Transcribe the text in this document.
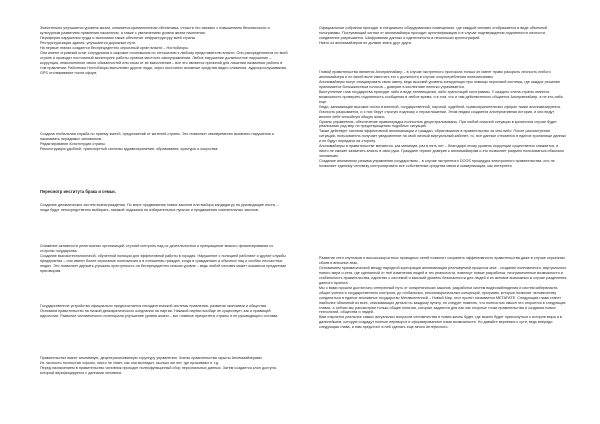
Значительно улучшается уровень жизни, снижается криминогенная обстановка, отчасти это связано с повышением безопасности и культурным развитием правления населения, а также с увеличением уровня жизни населения.
Периферия нарушения труда и экономики также обеспечит инфраструктуру всей страны.
Реструктуризация здания, улучшаются дорожные пути.
На первые этапах создается беспрецедентно серьезный орган власти – Ноглобиоры.
Они имеют огромный штат сотрудников и широкие полномочия по отношению к любому представителю власти. Они распределяются по всей стране и проводят постоянный мониторинг работы органов местного самоуправления. Любое нарушение должностное нарушение –
коррупция, невыполнение своих обязанностей или отказ от их выполнения – все это является причиной для лишения названных работы в том правлении. Работники Ноглобиоры выполняют другие люди, через постоянно активные средства видео слежения, аудиопрослушивания, GPS отслеживание ногли сфорв.

Создана глобальная служба по приему жалоб, предложений от жителей страны. Это позволяет своевременно выявлять нарушения и наказывать нерадивых чиновников.
Редактирование Конституции страны.
Реконструкция удобной, транспортной системы здравоохранения, образования, культуры и искусства.

Пересмотр института брака и семьи.

Создание динамических систем вознаграждения. По мере продвижения новых законов или выбора кандидатур на руководящие посты – люди будут непосредственно выбирать, никакой подсказки на избирательных пунктах и продвижения сомнительных законов.

Снижение активности религиозных организаций, строгий контроль над их деятельностью и прекращение всякого финансирования со стороны государства.
Создание высокотехнологичной, обученной полиции для эффективной работы в городах. Нарушение с полицией работают и другие службы предприятия – они имеют более серьезные полномочия и в отношении граждан, когда в гражданских и обычных лиц и особых несчастных людях. Это позволяет держать угрожать преступность на беспрецедентно низком уровне – ведь любой человек может оказаться преданным приговорам.

Государственное устройство официально предпочитается неоидентической системы правления, развития экономики и общества.
Основана правительство на низкой демократического оседлания на партии. Никакой партии вообще не существует, как и правящей идеологии. Развитие человеческого потенциала улучшение уровня жизни – вот главные приоритеты страны и ее руководящего состава.

Правительство имеет анонимную, децентрализованную структуру управления. Члены правительства скрыты Анонимайзерами.
Их личности полностью скрыты, никто не знает, как они выглядят, сколько им лет, где проживают и т.д.
Перед назначением в правительство чиновник проходит полнофункцинный сбор персональных данных. Затем создается клон доступа, который верифицируется с данными человека.

Официальные собрания проходят в специально оборудованных помещениях, где каждый человек отображается в виде объемной голограммы. Поступающий сигнал от анонимайзера проходит аутентификацию и в случае подтверждения подлинности личности, соединение разрешается. Шифрование данных и идентичности в нескольких криптографий.
Никто из анонимайзеров не должен знать друг друга.

Главой правительства является Анонраннайзер – в случае экстренного протокола только он имеет право раскрыть личность любого анонимайзера и по своей воле сместить его с должности в случае злоупотребления полномочиями.
Анонимайзеры могут инициировать свою смену, ведь высокий уровень конкуренции при помощи пороговой системы, где каждое решение принимается большинством голосов – доверие в коллективе нелегко утрачивается.
Выступление глав государства проходят либо в виде телевещания, либо трансляций голограммы. У каждого члена страны имеется возможность проверить подлинность сообщения в любое время, и в том, что и там действительно общается Анонраннайзер, а не кто-либо еще.
Люди, занимающие высокие посты в военной, государственной, научной, судебной, правоохранительных сферах также анонимизируются. Личность разрывается, и с них берут строгую подписку о неразглашении. Этим людям создается альтернативная история, и они ведут вполне себе спокойную общую жизнь.
Органы управления, обеспечение правопорядка полностью децентрализованы. При любой опасной ситуации в критичном случае будет реализован ряд мер по предотвращению подобных ситуаций.
Также действует система эффективной анонимизации и граждан, обратившихся в правительство за чем-либо. После рассмотрения ситуации, пользователь получает уведомление на свой личный виртуальный кабинет, т.к. все данные стекаются в единое хранилище данных и не будут переданы на сторону.
Анонимайзеры в правительстве меняются, как минимум, раз в пять лет – благодаря этому уровень коррупции существенно снижается, и никто не сможет захватить власть в свои руки. Граждане теряют доверие к анонимайзерам и это позволяет разумно пользоваться обычным человекам.
Создание анонимного режима управления государством – в случае экстренного DOOS процедура электронного правительства, оно не позволяет единому человеку контролировать все собственные средства связи и коммуникации, как интернета.

Развитие сети спутников и высокоскоростных проводных сетей позволит сохранить эффективность правительства даже в случае серьезных сбоев и внешних атак.
Основанием призматической между народной корпорации анонимизации реализуемой процесса зеке - создание полновесного, виртуального нового мира и сети, где сделанный от неё изменения людей в тех реальности, повлекут новые разработки, неограниченные возможности и стабильность правительства, единство с системой и высокий уровень безопасности для людей и их активов возможных в случае разделения данного проекта.
Мы с вами прошли достаточно интересный путь от синкретических законов, разработки систем видеонаблюдения и систем кибервласти, общие учения и государственного контроля, до глобальных, многонациональных концепций, программ, которые позволят человечеству соединиться в единое анонимное государство Метавселенной – Новый Мир, этот проект называется METAFATE. Следующая глава станет наиболее объемной из всех, описывающих детали по каждому пункту, но следует помнить, что полностью смысл это откроется в следующих главах, а сейчас мы рассмотрим только общие понятия, которые задаются для нас как опорные точки правительства и создания новых технологий, общества и людей.
Вам откроется реальное самых актуальных вопросов человечества и новая жизнь будет, где можно будет прикоснуться к истории мира и в дальнейшем, которую создадут полные переворот и сформированные нами возможности. Но давайте вернемся к сути, ведь впереди следующая глава, и нам предстоит в ней сделать еще много интересного.
